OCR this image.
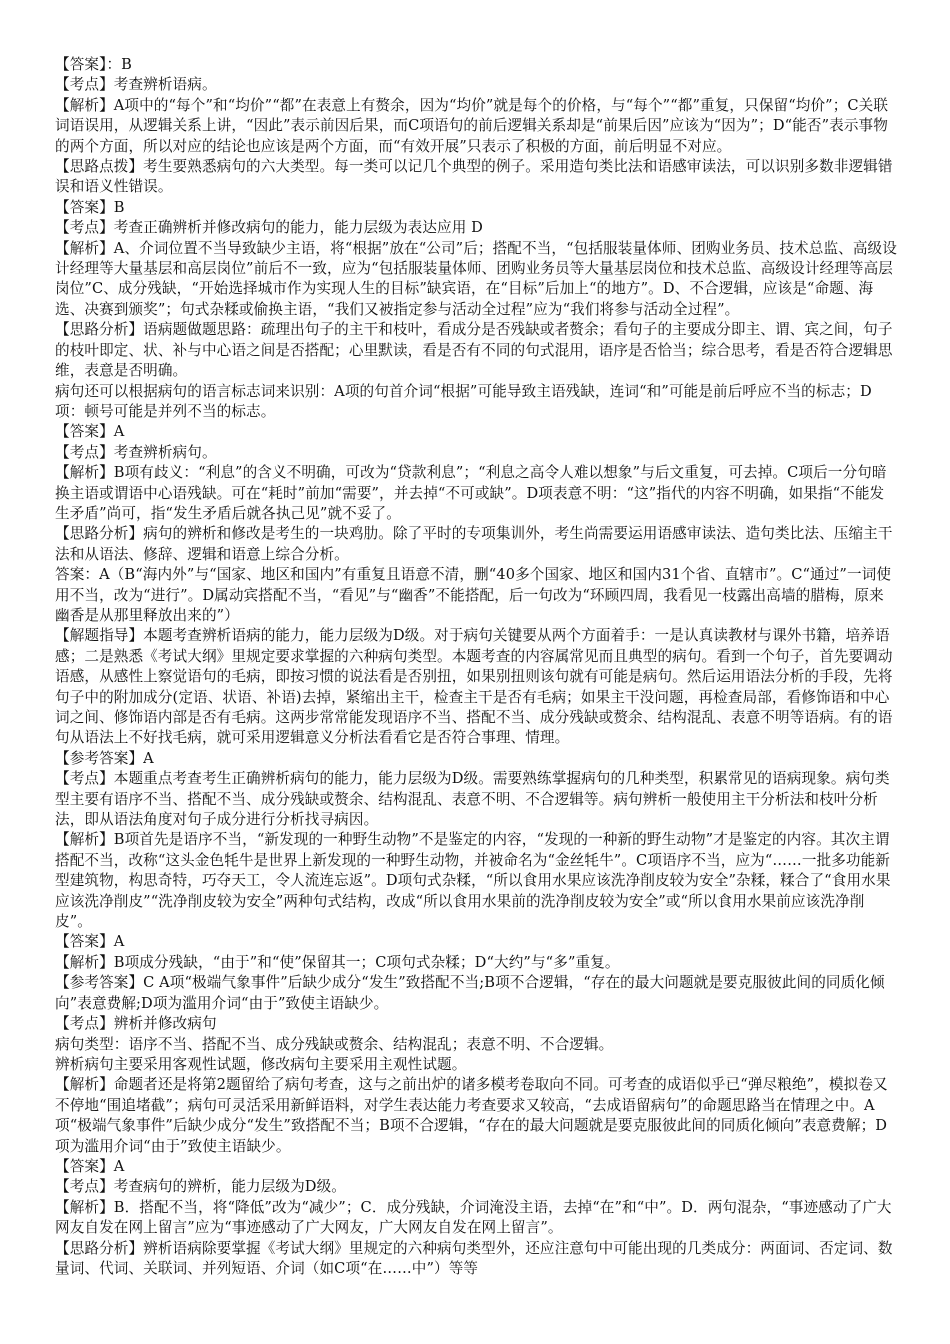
【答案】：B

【考点】考查辨析语病。

【解析】A项中的“每个”和“均价”“都”在表意上有赘余，因为“均价”就是每个的价格，与“每个”“都”重复，只保留“均价”；C关联词语误用，从逻辑关系上讲，“因此”表示前因后果，而C项语句的前后逻辑关系却是“前果后因”应该为“因为”；D“能否”表示事物的两个方面，所以对应的结论也应该是两个方面，而“有效开展”只表示了积极的方面，前后明显不对应。

【思路点拨】考生要熟悉病句的六大类型。每一类可以记几个典型的例子。采用造句类比法和语感审读法，可以识别多数非逻辑错误和语义性错误。

【答案】B

【考点】考查正确辨析并修改病句的能力，能力层级为表达应用 D

【解析】A、介词位置不当导致缺少主语，将“根据”放在“公司”后；搭配不当，“包括服装量体师、团购业务员、技术总监、高级设计经理等大量基层和高层岗位”前后不一致，应为“包括服装量体师、团购业务员等大量基层岗位和技术总监、高级设计经理等高层岗位”C、成分残缺，“开始选择城市作为实现人生的目标”缺宾语，在“目标”后加上“的地方”。D、不合逻辑，应该是“命题、海选、决赛到颁奖”；句式杂糅或偷换主语，“我们又被指定参与活动全过程”应为“我们将参与活动全过程”。

【思路分析】语病题做题思路：疏理出句子的主干和枝叶，看成分是否残缺或者赘余；看句子的主要成分即主、谓、宾之间，句子的枝叶即定、状、补与中心语之间是否搭配；心里默读，看是否有不同的句式混用，语序是否恰当；综合思考，看是否符合逻辑思维，表意是否明确。

病句还可以根据病句的语言标志词来识别：A项的句首介词“根据”可能导致主语残缺，连词“和”可能是前后呼应不当的标志；D项：顿号可能是并列不当的标志。

【答案】A

【考点】考查辨析病句。

【解析】B项有歧义：“利息”的含义不明确，可改为“贷款利息”；“利息之高令人难以想象”与后文重复，可去掉。C项后一分句暗换主语或谓语中心语残缺。可在“耗时”前加“需要”，并去掉“不可或缺”。D项表意不明：“这”指代的内容不明确，如果指“不能发生矛盾”尚可，指“发生矛盾后就各执己见”就不妥了。

【思路分析】病句的辨析和修改是考生的一块鸡肋。除了平时的专项集训外，考生尚需要运用语感审读法、造句类比法、压缩主干法和从语法、修辞、逻辑和语意上综合分析。

答案：A（B“海内外”与“国家、地区和国内”有重复且语意不清，删“40多个国家、地区和国内31个省、直辖市”。C“通过”一词使用不当，改为“进行”。D属动宾搭配不当，“看见”与“幽香”不能搭配，后一句改为“环顾四周，我看见一枝露出高墙的腊梅，原来幽香是从那里释放出来的”）

【解题指导】本题考查辨析语病的能力，能力层级为D级。对于病句关键要从两个方面着手：一是认真读教材与课外书籍，培养语感；二是熟悉《考试大纲》里规定要求掌握的六种病句类型。本题考查的内容属常见而且典型的病句。看到一个句子，首先要调动语感，从感性上察觉语句的毛病，即按习惯的说法看是否别扭，如果别扭则该句就有可能是病句。然后运用语法分析的手段，先将句子中的附加成分(定语、状语、补语)去掉，紧缩出主干，检查主干是否有毛病；如果主干没问题，再检查局部，看修饰语和中心词之间、修饰语内部是否有毛病。这两步常常能发现语序不当、搭配不当、成分残缺或赘余、结构混乱、表意不明等语病。有的语句从语法上不好找毛病，就可采用逻辑意义分析法看看它是否符合事理、情理。

【参考答案】A

【考点】本题重点考查考生正确辨析病句的能力，能力层级为D级。需要熟练掌握病句的几种类型，积累常见的语病现象。病句类型主要有语序不当、搭配不当、成分残缺或赘余、结构混乱、表意不明、不合逻辑等。病句辨析一般使用主干分析法和枝叶分析法，即从语法角度对句子成分进行分析找寻病因。

【解析】B项首先是语序不当，“新发现的一种野生动物”不是鉴定的内容，“发现的一种新的野生动物”才是鉴定的内容。其次主谓搭配不当，改称“这头金色牦牛是世界上新发现的一种野生动物，并被命名为“金丝牦牛”。C项语序不当，应为“……一批多功能新型建筑物，构思奇特，巧夺天工，令人流连忘返”。D项句式杂糅，“所以食用水果应该洗净削皮较为安全”杂糅，糅合了“食用水果应该洗净削皮”“洗净削皮较为安全”两种句式结构，改成“所以食用水果前的洗净削皮较为安全”或“所以食用水果前应该洗净削皮”。

【答案】A

【解析】B项成分残缺，“由于”和“使”保留其一；C项句式杂糅；D“大约”与“多”重复。

【参考答案】C A项“极端气象事件”后缺少成分“发生”致搭配不当;B项不合逻辑，“存在的最大问题就是要克服彼此间的同质化倾向”表意费解;D项为滥用介词“由于”致使主语缺少。

【考点】辨析并修改病句

病句类型：语序不当、搭配不当、成分残缺或赘余、结构混乱；表意不明、不合逻辑。

辨析病句主要采用客观性试题，修改病句主要采用主观性试题。

【解析】命题者还是将第2题留给了病句考查，这与之前出炉的诸多模考卷取向不同。可考查的成语似乎已“弹尽粮绝”，模拟卷又不停地“围追堵截”；病句可灵活采用新鲜语料，对学生表达能力考查要求又较高，“去成语留病句”的命题思路当在情理之中。A项“极端气象事件”后缺少成分“发生”致搭配不当；B项不合逻辑，“存在的最大问题就是要克服彼此间的同质化倾向”表意费解；D项为滥用介词“由于”致使主语缺少。

【答案】A

【考点】考查病句的辨析，能力层级为D级。

【解析】B．搭配不当，将“降低”改为“减少”；C．成分残缺，介词淹没主语，去掉“在”和“中”。D．两句混杂，“事迹感动了广大网友自发在网上留言”应为“事迹感动了广大网友，广大网友自发在网上留言”。

【思路分析】辨析语病除要掌握《考试大纲》里规定的六种病句类型外，还应注意句中可能出现的几类成分：两面词、否定词、数量词、代词、关联词、并列短语、介词（如C项“在……中”）等等
